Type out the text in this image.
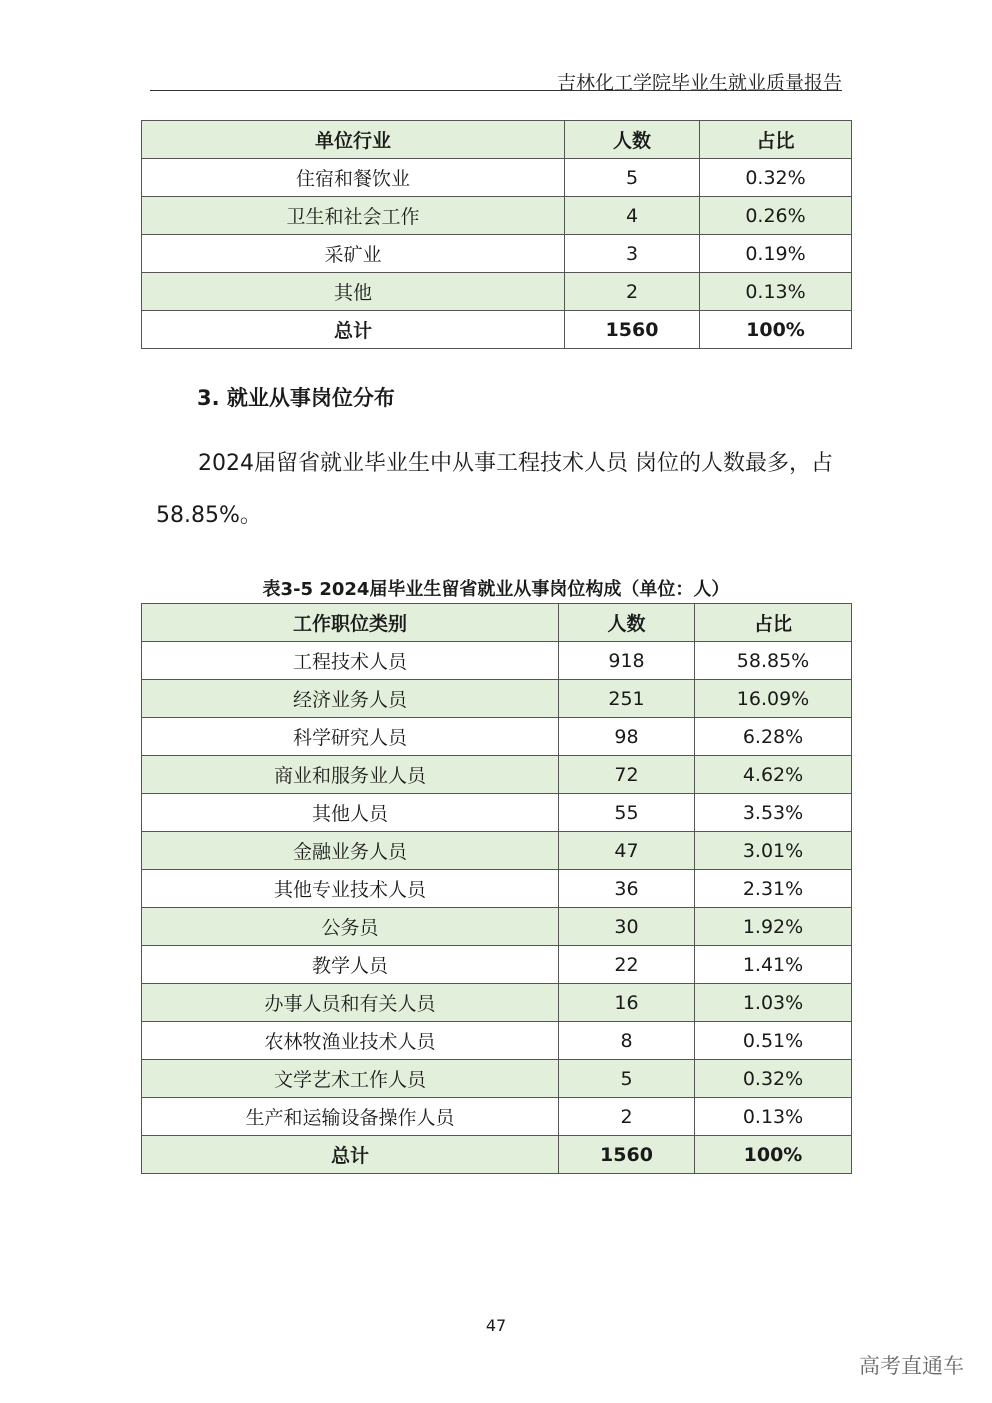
吉林化工学院毕业生就业质量报告
单位行业	人数	占比
住宿和餐饮业	5	0.32%
卫生和社会工作	4	0.26%
采矿业	3	0.19%
其他	2	0.13%
总计	1560	100%
3. 就业从事岗位分布
2024届留省就业毕业生中从事工程技术人员 岗位的人数最多，占58.85%。
表3-5 2024届毕业生留省就业从事岗位构成（单位：人）
工作职位类别	人数	占比
工程技术人员	918	58.85%
经济业务人员	251	16.09%
科学研究人员	98	6.28%
商业和服务业人员	72	4.62%
其他人员	55	3.53%
金融业务人员	47	3.01%
其他专业技术人员	36	2.31%
公务员	30	1.92%
教学人员	22	1.41%
办事人员和有关人员	16	1.03%
农林牧渔业技术人员	8	0.51%
文学艺术工作人员	5	0.32%
生产和运输设备操作人员	2	0.13%
总计	1560	100%
47
高考直通车
